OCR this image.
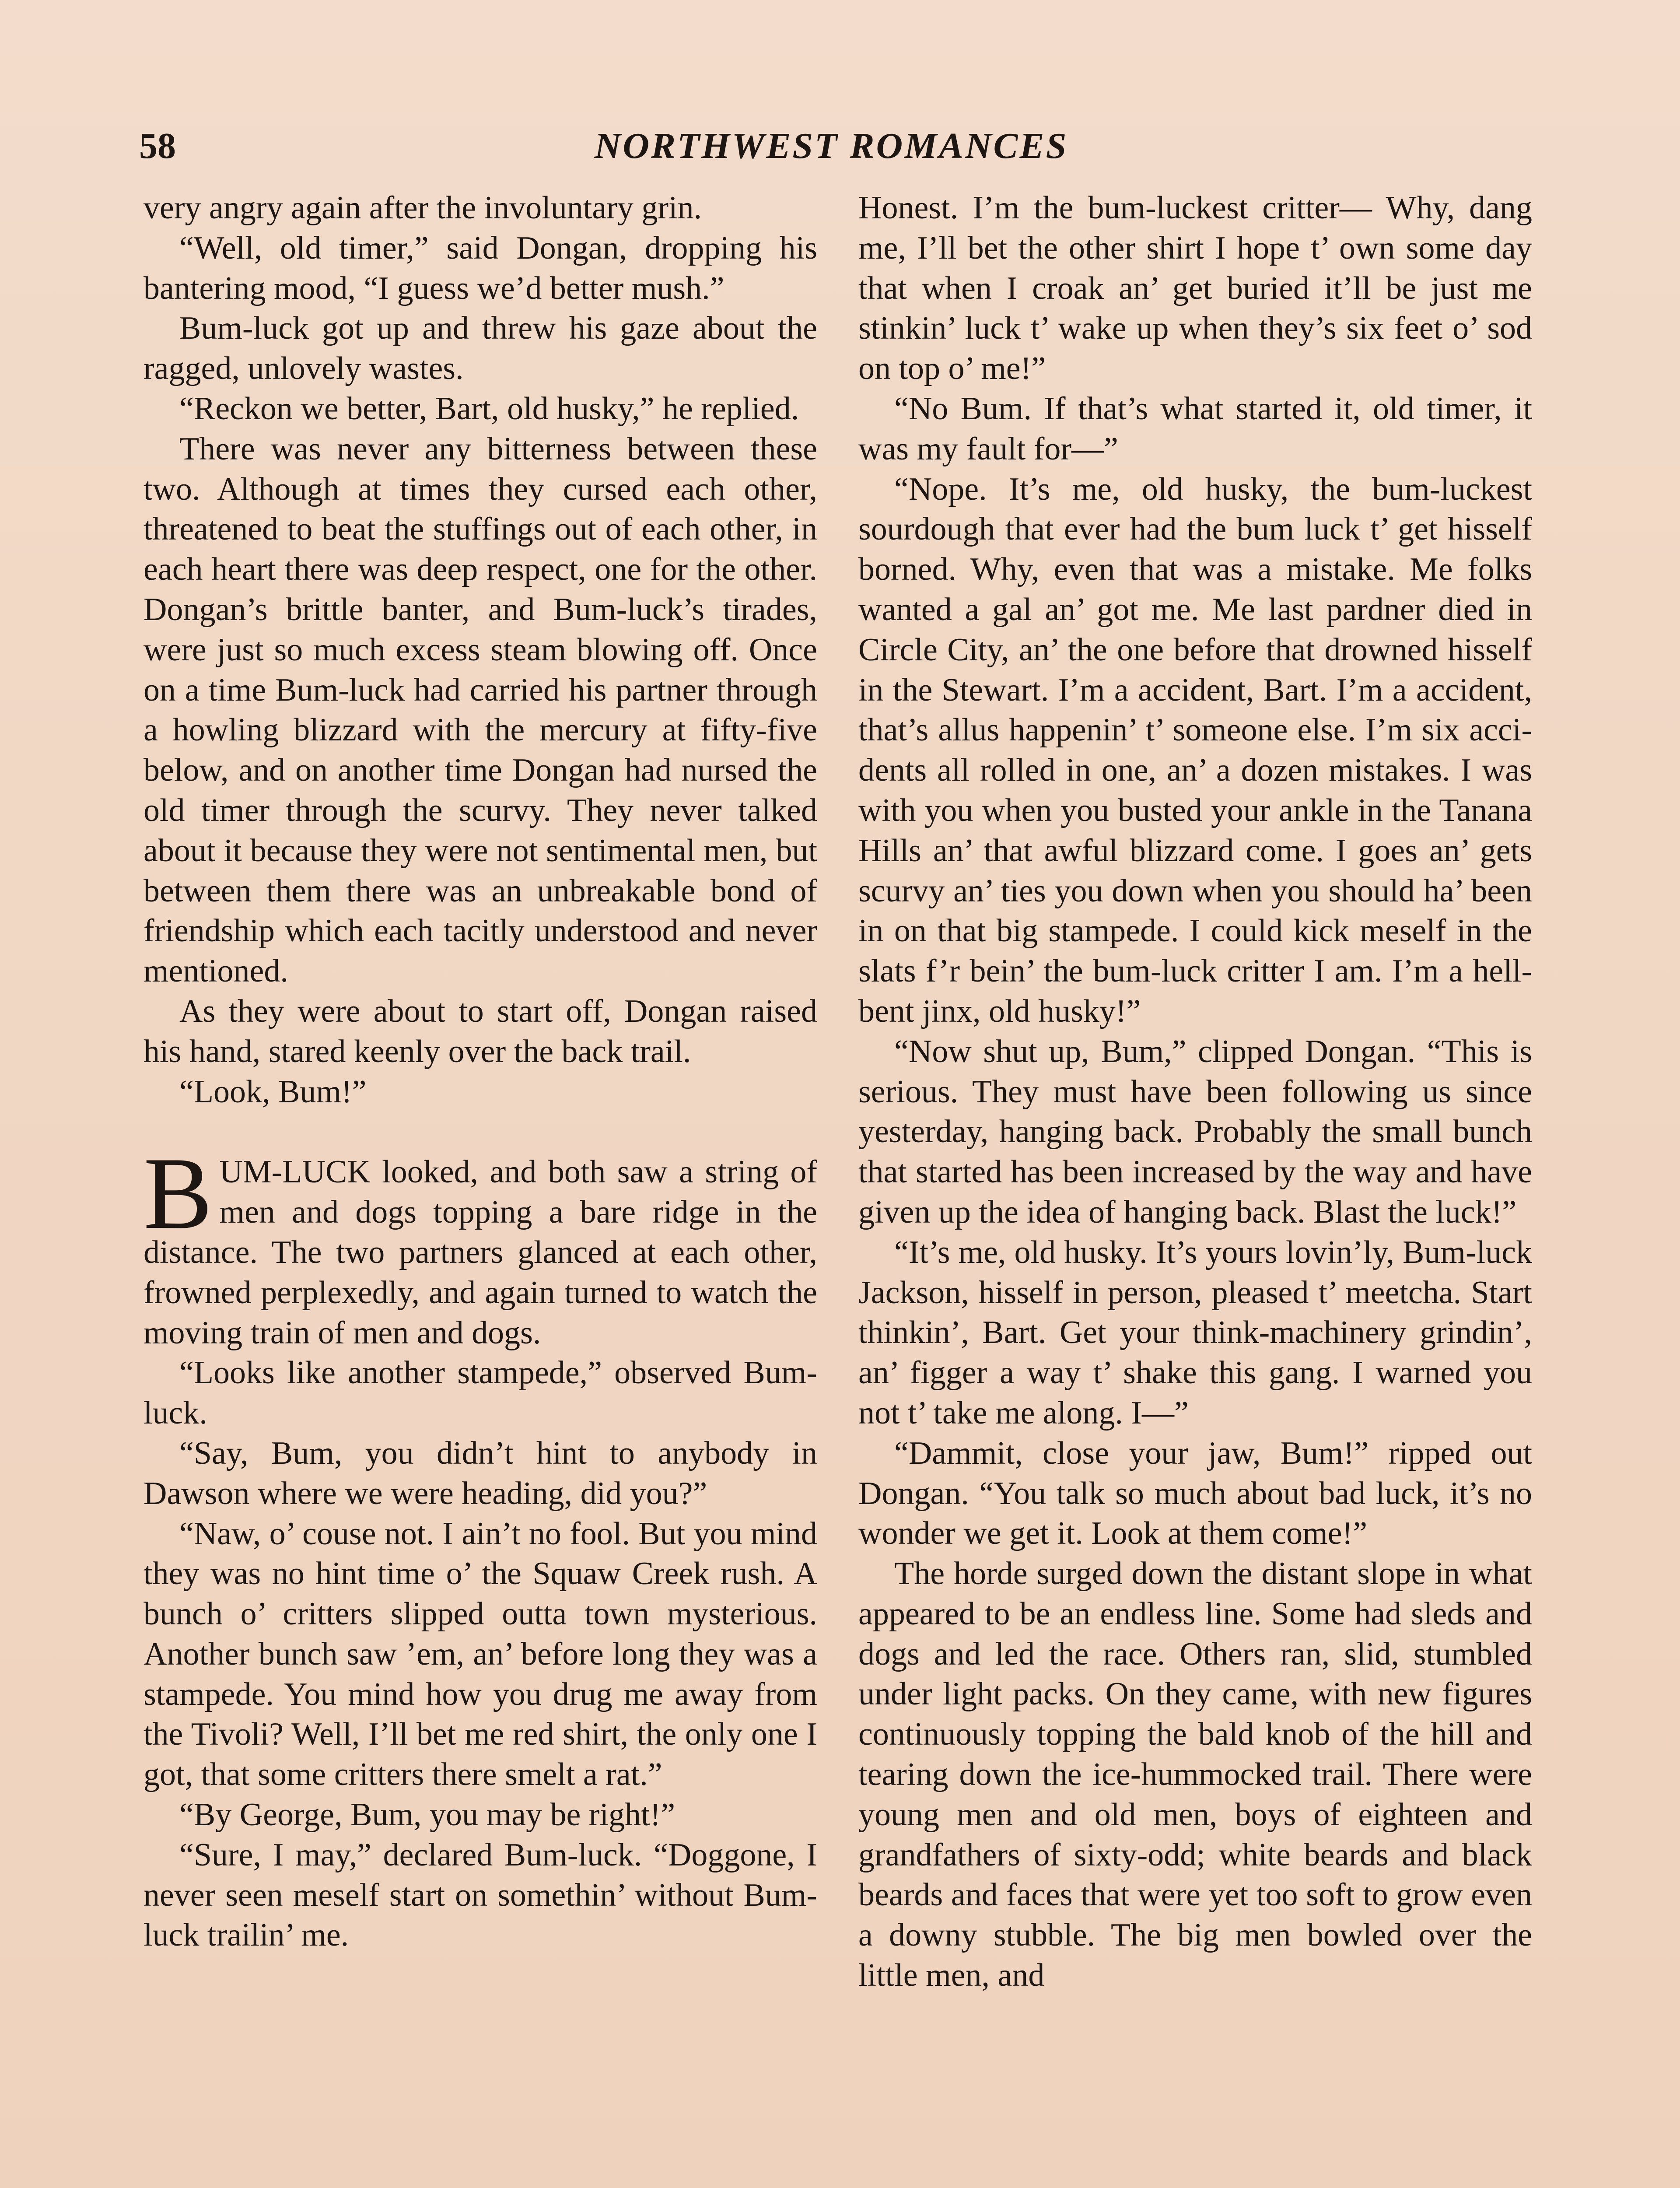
58	NORTHWEST ROMANCES

very angry again after the involuntary grin.

“Well, old timer,” said Dongan, dropping his bantering mood, “I guess we’d better mush.”

Bum-luck got up and threw his gaze about the ragged, unlovely wastes.

“Reckon we better, Bart, old husky,” he replied.

There was never any bitterness between these two. Although at times they cursed each other, threatened to beat the stuffings out of each other, in each heart there was deep respect, one for the other. Dongan’s brittle banter, and Bum-luck’s tirades, were just so much excess steam blowing off. Once on a time Bum-luck had carried his partner through a howling blizzard with the mercury at fifty-five below, and on another time Dongan had nursed the old timer through the scurvy. They never talked about it because they were not sentimental men, but between them there was an unbreakable bond of friendship which each tacitly understood and never mentioned.

As they were about to start off, Dongan raised his hand, stared keenly over the back trail.

“Look, Bum!”

BUM-LUCK looked, and both saw a string of men and dogs topping a bare ridge in the distance. The two partners glanced at each other, frowned perplexedly, and again turned to watch the moving train of men and dogs.

“Looks like another stampede,” observed Bum-luck.

“Say, Bum, you didn’t hint to anybody in Dawson where we were heading, did you?”

“Naw, o’ couse not. I ain’t no fool. But you mind they was no hint time o’ the Squaw Creek rush. A bunch o’ critters slipped outta town mysterious. Another bunch saw ’em, an’ before long they was a stampede. You mind how you drug me away from the Tivoli? Well, I’ll bet me red shirt, the only one I got, that some critters there smelt a rat.”

“By George, Bum, you may be right!”

“Sure, I may,” declared Bum-luck. “Doggone, I never seen meself start on somethin’ without Bum-luck trailin’ me.

Honest. I’m the bum-luckest critter— Why, dang me, I’ll bet the other shirt I hope t’ own some day that when I croak an’ get buried it’ll be just me stinkin’ luck t’ wake up when they’s six feet o’ sod on top o’ me!”

“No Bum. If that’s what started it, old timer, it was my fault for—”

“Nope. It’s me, old husky, the bum-luckest sourdough that ever had the bum luck t’ get hisself borned. Why, even that was a mistake. Me folks wanted a gal an’ got me. Me last pardner died in Circle City, an’ the one before that drowned hisself in the Stewart. I’m a accident, Bart. I’m a accident, that’s allus happenin’ t’ someone else. I’m six accidents all rolled in one, an’ a dozen mistakes. I was with you when you busted your ankle in the Tanana Hills an’ that awful blizzard come. I goes an’ gets scurvy an’ ties you down when you should ha’ been in on that big stampede. I could kick meself in the slats f’r bein’ the bum-luck critter I am. I’m a hell-bent jinx, old husky!”

“Now shut up, Bum,” clipped Dongan. “This is serious. They must have been following us since yesterday, hanging back. Probably the small bunch that started has been increased by the way and have given up the idea of hanging back. Blast the luck!”

“It’s me, old husky. It’s yours lovin’ly, Bum-luck Jackson, hisself in person, pleased t’ meetcha. Start thinkin’, Bart. Get your think-machinery grindin’, an’ figger a way t’ shake this gang. I warned you not t’ take me along. I—”

“Dammit, close your jaw, Bum!” ripped out Dongan. “You talk so much about bad luck, it’s no wonder we get it. Look at them come!”

The horde surged down the distant slope in what appeared to be an endless line. Some had sleds and dogs and led the race. Others ran, slid, stumbled under light packs. On they came, with new figures continuously topping the bald knob of the hill and tearing down the ice-hummocked trail. There were young men and old men, boys of eighteen and grandfathers of sixty-odd; white beards and black beards and faces that were yet too soft to grow even a downy stubble. The big men bowled over the little men, and
